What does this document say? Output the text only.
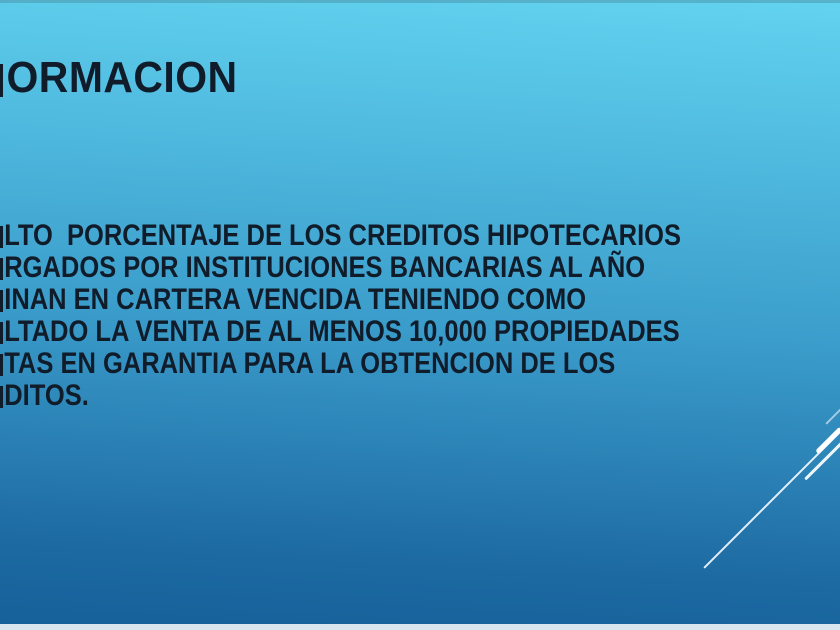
ORMACION
LTO  PORCENTAJE DE LOS CREDITOS HIPOTECARIOS
RGADOS POR INSTITUCIONES BANCARIAS AL AÑO
INAN EN CARTERA VENCIDA TENIENDO COMO
LTADO LA VENTA DE AL MENOS 10,000 PROPIEDADES
TAS EN GARANTIA PARA LA OBTENCION DE LOS
DITOS.
